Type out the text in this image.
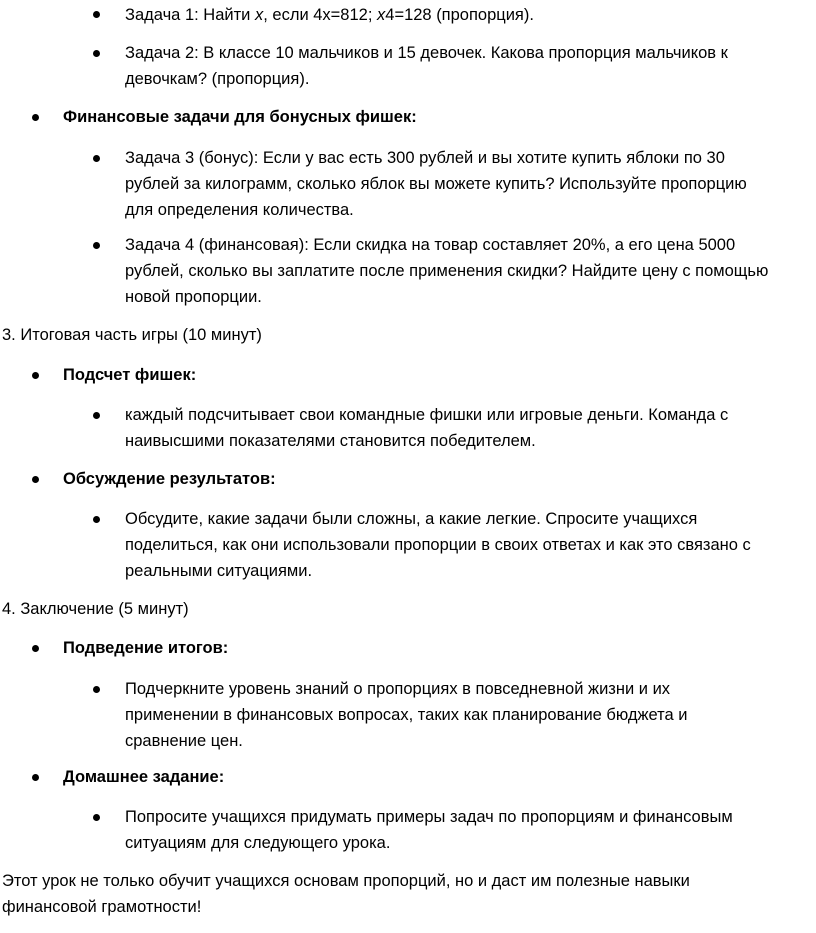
Задача 1: Найти x, если 4x=812; x4=128 (пропорция).
Задача 2: В классе 10 мальчиков и 15 девочек. Какова пропорция мальчиков к
девочкам? (пропорция).
Финансовые задачи для бонусных фишек:
Задача 3 (бонус): Если у вас есть 300 рублей и вы хотите купить яблоки по 30
рублей за килограмм, сколько яблок вы можете купить? Используйте пропорцию
для определения количества.
Задача 4 (финансовая): Если скидка на товар составляет 20%, а его цена 5000
рублей, сколько вы заплатите после применения скидки? Найдите цену с помощью
новой пропорции.
3. Итоговая часть игры (10 минут)
Подсчет фишек:
каждый подсчитывает свои командные фишки или игровые деньги. Команда с
наивысшими показателями становится победителем.
Обсуждение результатов:
Обсудите, какие задачи были сложны, а какие легкие. Спросите учащихся
поделиться, как они использовали пропорции в своих ответах и как это связано с
реальными ситуациями.
4. Заключение (5 минут)
Подведение итогов:
Подчеркните уровень знаний о пропорциях в повседневной жизни и их
применении в финансовых вопросах, таких как планирование бюджета и
сравнение цен.
Домашнее задание:
Попросите учащихся придумать примеры задач по пропорциям и финансовым
ситуациям для следующего урока.
Этот урок не только обучит учащихся основам пропорций, но и даст им полезные навыки
финансовой грамотности!
